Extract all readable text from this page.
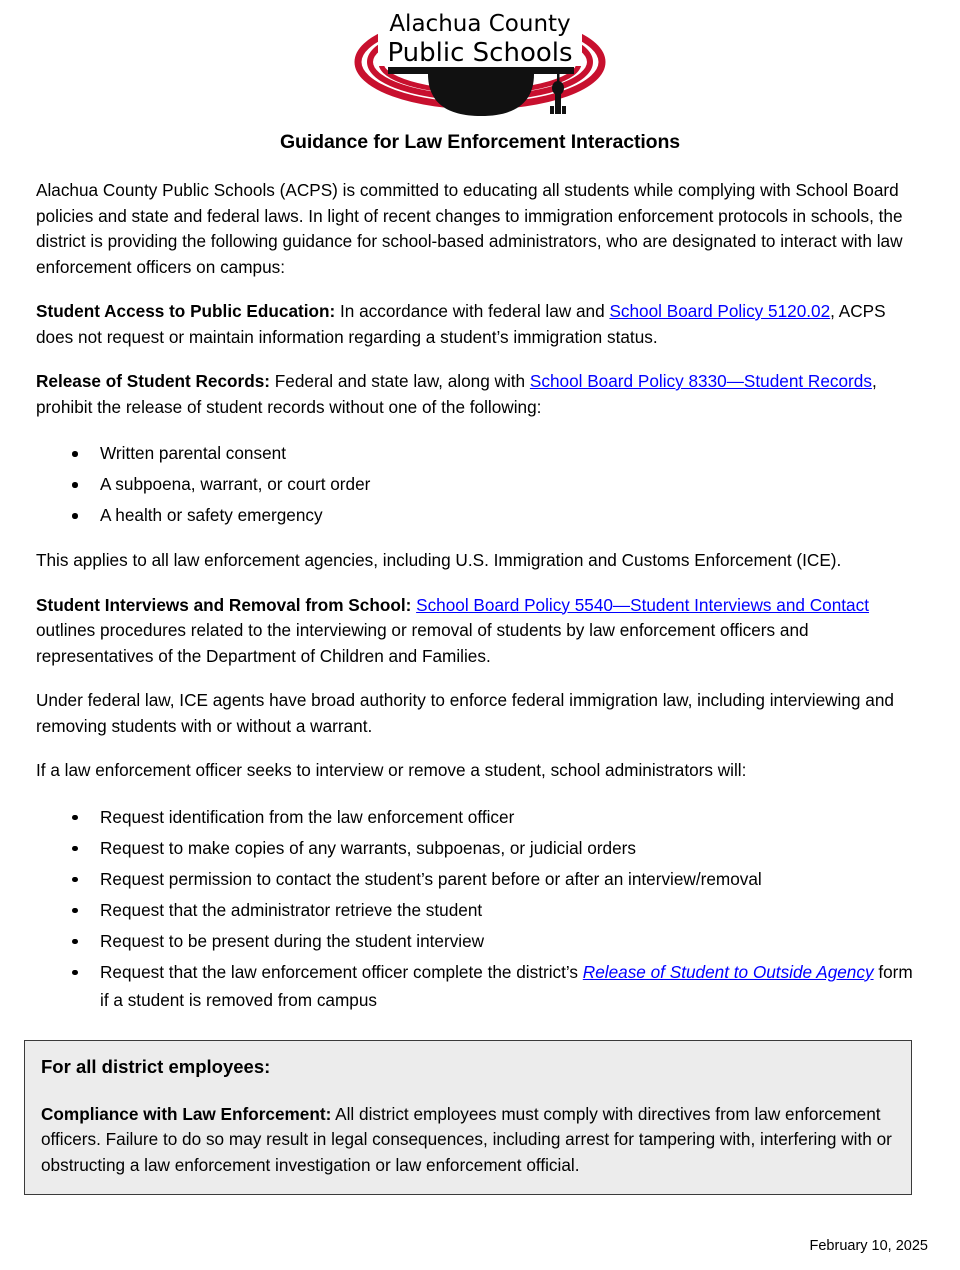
Alachua County
Public Schools
Guidance for Law Enforcement Interactions

Alachua County Public Schools (ACPS) is committed to educating all students while complying with School Board policies and state and federal laws. In light of recent changes to immigration enforcement protocols in schools, the district is providing the following guidance for school-based administrators, who are designated to interact with law enforcement officers on campus:

Student Access to Public Education: In accordance with federal law and School Board Policy 5120.02, ACPS does not request or maintain information regarding a student’s immigration status.

Release of Student Records: Federal and state law, along with School Board Policy 8330—Student Records, prohibit the release of student records without one of the following:

Written parental consent
A subpoena, warrant, or court order
A health or safety emergency

This applies to all law enforcement agencies, including U.S. Immigration and Customs Enforcement (ICE).

Student Interviews and Removal from School: School Board Policy 5540—Student Interviews and Contact outlines procedures related to the interviewing or removal of students by law enforcement officers and representatives of the Department of Children and Families.

Under federal law, ICE agents have broad authority to enforce federal immigration law, including interviewing and removing students with or without a warrant.

If a law enforcement officer seeks to interview or remove a student, school administrators will:

Request identification from the law enforcement officer
Request to make copies of any warrants, subpoenas, or judicial orders
Request permission to contact the student’s parent before or after an interview/removal
Request that the administrator retrieve the student
Request to be present during the student interview
Request that the law enforcement officer complete the district’s Release of Student to Outside Agency form if a student is removed from campus
For all district employees:
Compliance with Law Enforcement: All district employees must comply with directives from law enforcement officers. Failure to do so may result in legal consequences, including arrest for tampering with, interfering with or obstructing a law enforcement investigation or law enforcement official.
February 10, 2025
